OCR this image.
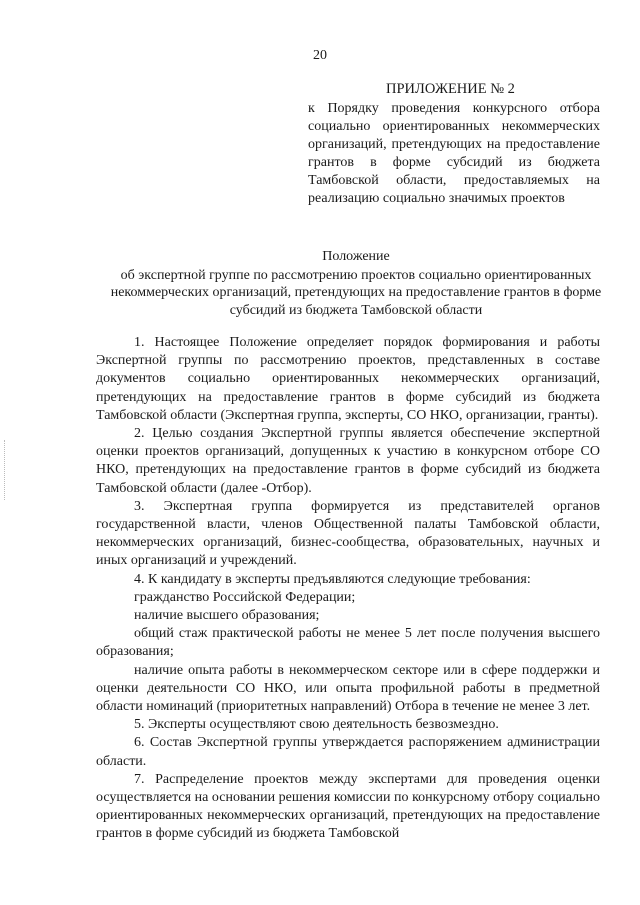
20
ПРИЛОЖЕНИЕ № 2
к Порядку проведения конкурсного отбора социально ориентированных некоммерческих организаций, претендующих на предоставление грантов в форме субсидий из бюджета Тамбовской области, предоставляемых на реализацию социально значимых проектов
Положение
об экспертной группе по рассмотрению проектов социально ориентированных некоммерческих организаций, претендующих на предоставление грантов в форме субсидий из бюджета Тамбовской области

1. Настоящее Положение определяет порядок формирования и работы Экспертной группы по рассмотрению проектов, представленных в составе документов социально ориентированных некоммерческих организаций, претендующих на предоставление грантов в форме субсидий из бюджета Тамбовской области (Экспертная группа, эксперты, СО НКО, организации, гранты).

2. Целью создания Экспертной группы является обеспечение экспертной оценки проектов организаций, допущенных к участию в конкурсном отборе СО НКО, претендующих на предоставление грантов в форме субсидий из бюджета Тамбовской области (далее -Отбор).

3. Экспертная группа формируется из представителей органов государственной власти, членов Общественной палаты Тамбовской области, некоммерческих организаций, бизнес-сообщества, образовательных, научных и иных организаций и учреждений.

4. К кандидату в эксперты предъявляются следующие требования:

гражданство Российской Федерации;

наличие высшего образования;

общий стаж практической работы не менее 5 лет после получения высшего образования;

наличие опыта работы в некоммерческом секторе или в сфере поддержки и оценки деятельности СО НКО, или опыта профильной работы в предметной области номинаций (приоритетных направлений) Отбора в течение не менее 3 лет.

5. Эксперты осуществляют свою деятельность безвозмездно.

6. Состав Экспертной группы утверждается распоряжением администрации области.

7. Распределение проектов между экспертами для проведения оценки осуществляется на основании решения комиссии по конкурсному отбору социально ориентированных некоммерческих организаций, претендующих на предоставление грантов в форме субсидий из бюджета Тамбовской
